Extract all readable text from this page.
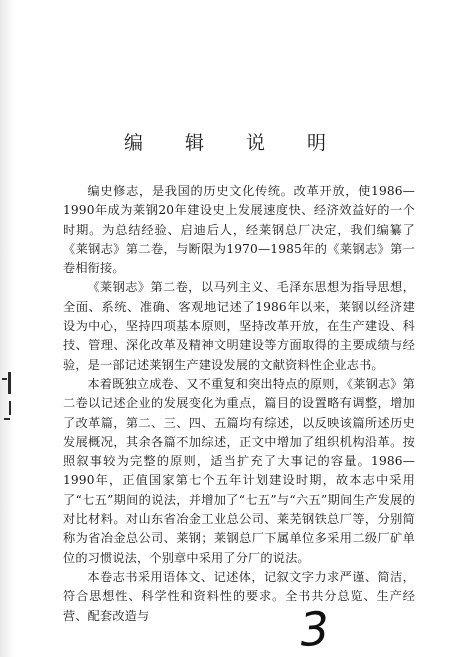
编 辑 说 明

编史修志，是我国的历史文化传统。改革开放，使1986—1990年成为莱钢20年建设史上发展速度快、经济效益好的一个时期。为总结经验、启迪后人，经莱钢总厂决定，我们编纂了《莱钢志》第二卷，与断限为1970—1985年的《莱钢志》第一卷相衔接。

《莱钢志》第二卷，以马列主义、毛泽东思想为指导思想，全面、系统、准确、客观地记述了1986年以来，莱钢以经济建设为中心，坚持四项基本原则，坚持改革开放，在生产建设、科技、管理、深化改革及精神文明建设等方面取得的主要成绩与经验，是一部记述莱钢生产建设发展的文献资料性企业志书。

本着既独立成卷、又不重复和突出特点的原则，《莱钢志》第二卷以记述企业的发展变化为重点，篇目的设置略有调整，增加了改革篇，第二、三、四、五篇均有综述，以反映该篇所述历史发展概况，其余各篇不加综述，正文中增加了组织机构沿革。按照叙事较为完整的原则，适当扩充了大事记的容量。1986—1990年，正值国家第七个五年计划建设时期，故本志中采用了“七五”期间的说法，并增加了“七五”与“六五”期间生产发展的对比材料。对山东省冶金工业总公司、莱芜钢铁总厂等，分别简称为省冶金总公司、莱钢；莱钢总厂下属单位多采用二级厂矿单位的习惯说法，个别章中采用了分厂的说法。

本卷志书采用语体文、记述体，记叙文字力求严谨、简洁，符合思想性、科学性和资料性的要求。全书共分总览、生产经营、配套改造与	3
